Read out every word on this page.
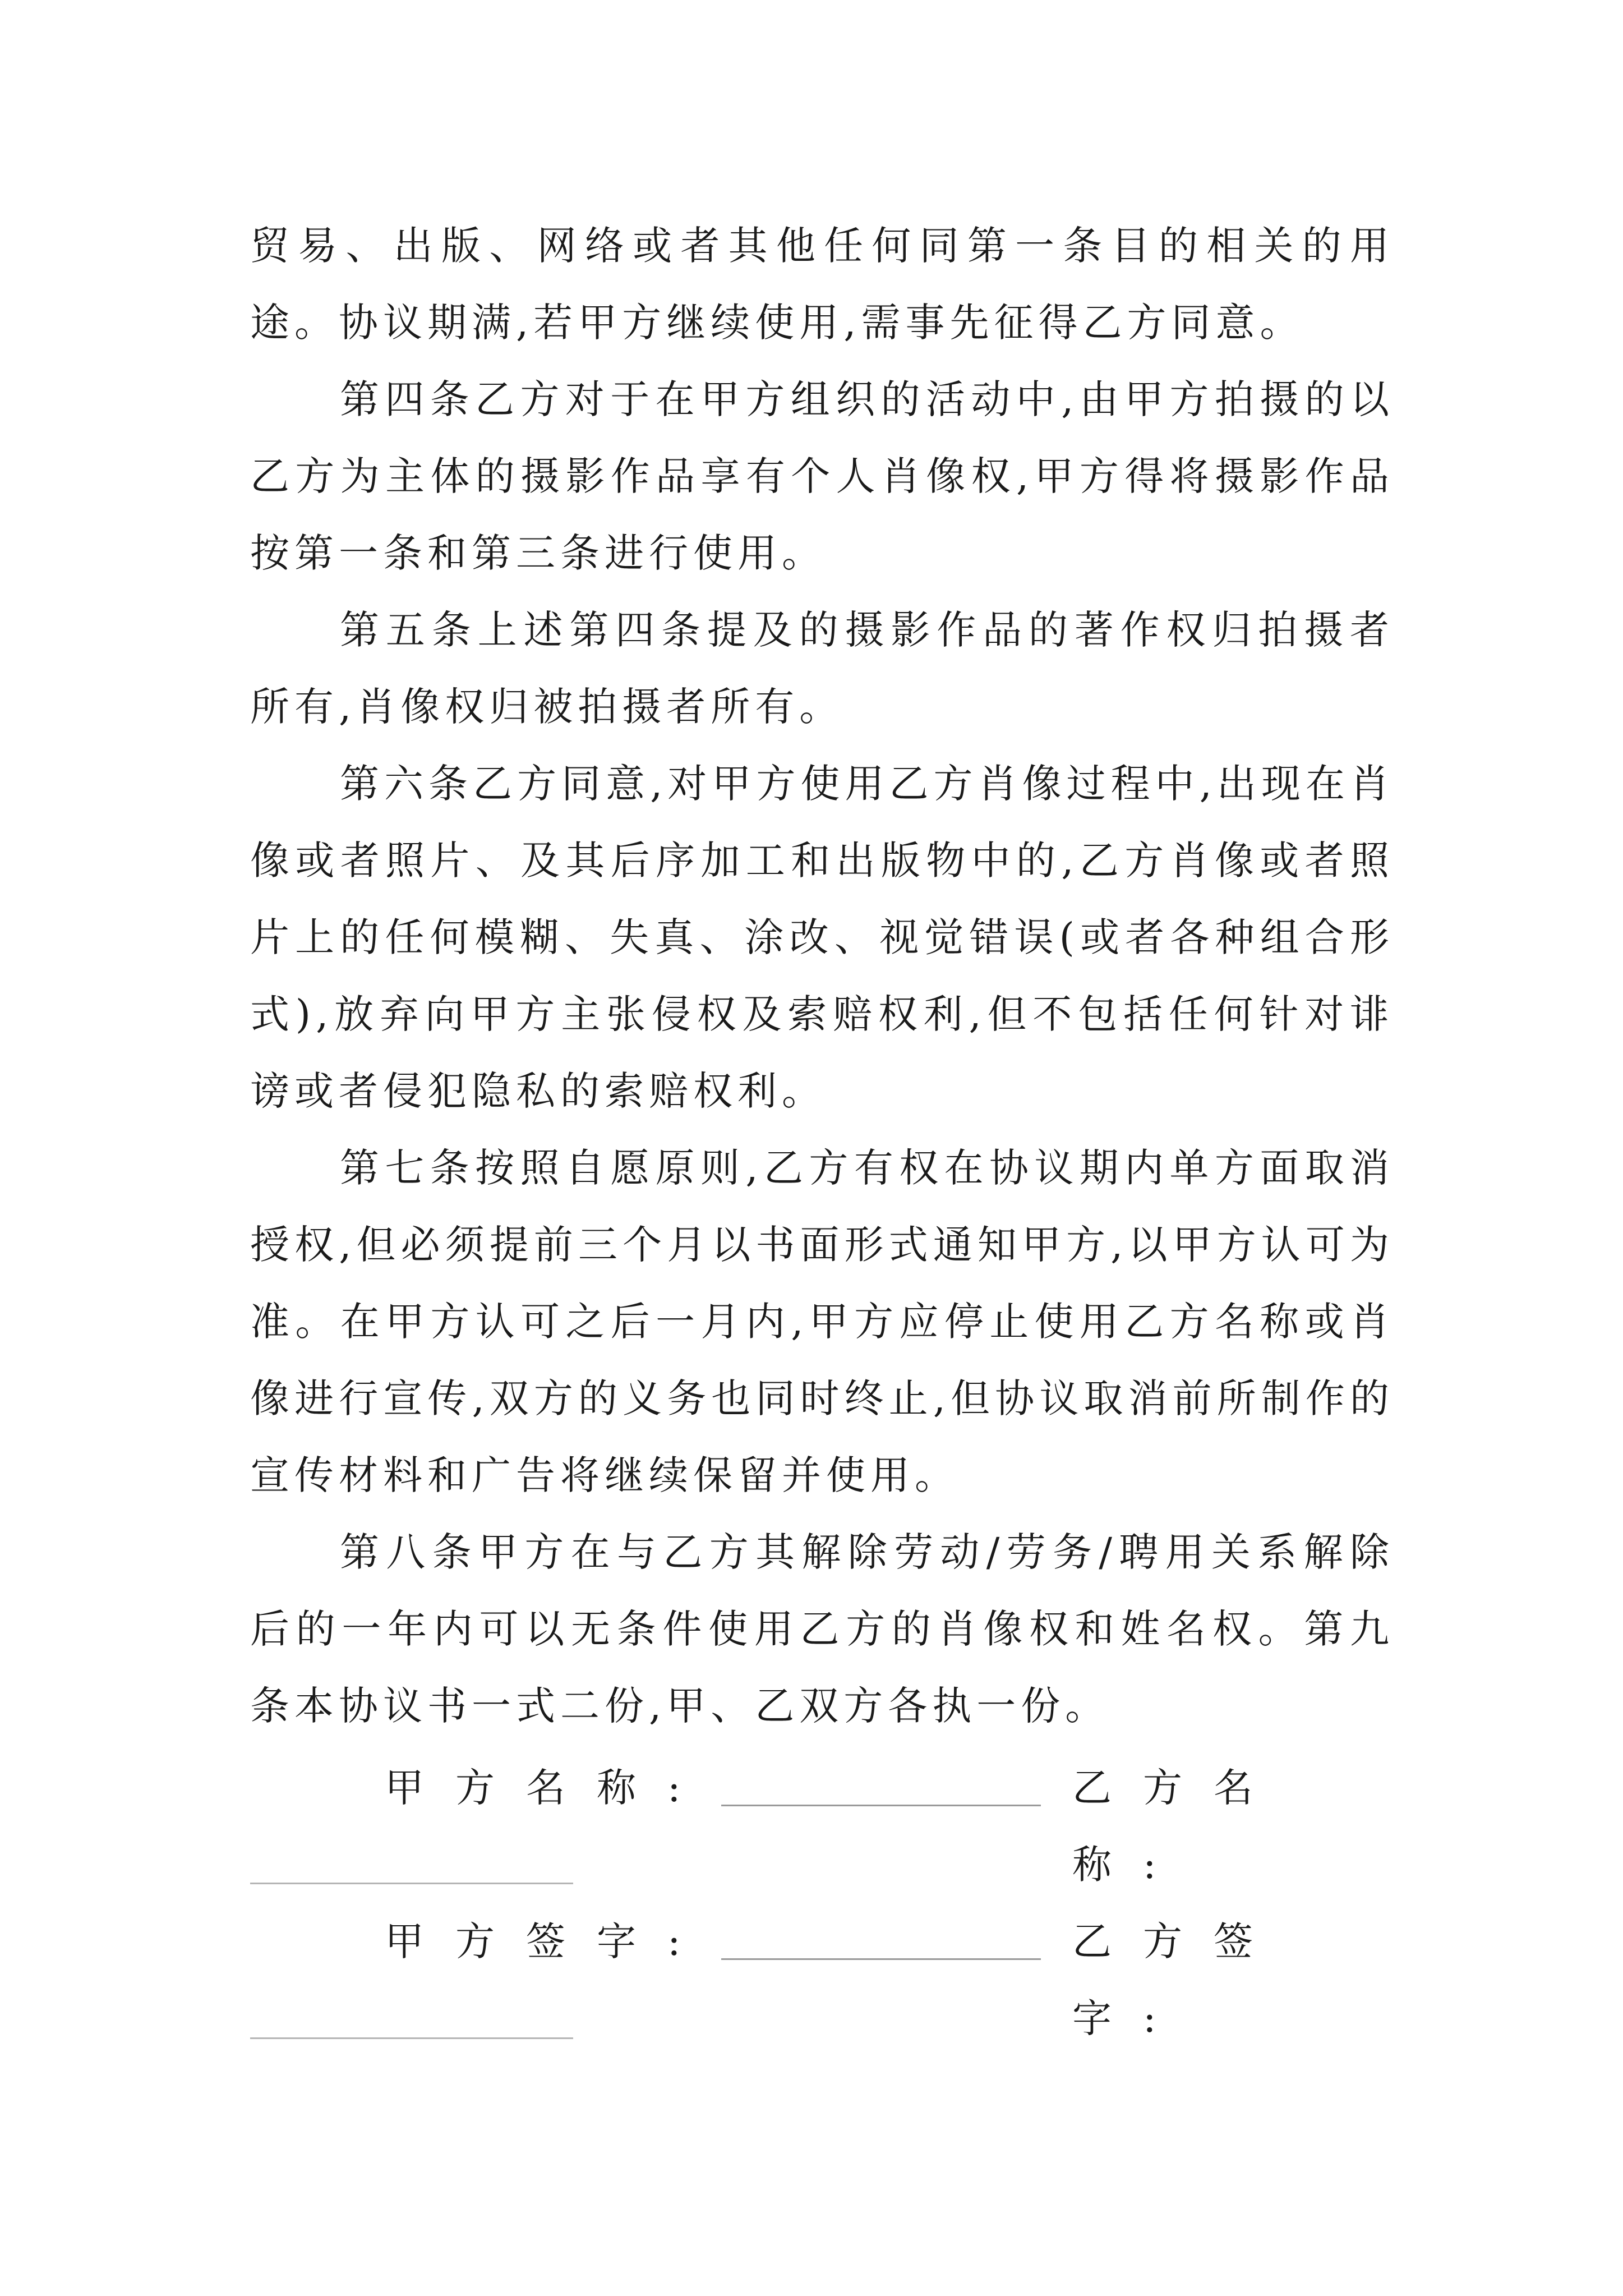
贸易、出版、网络或者其他任何同第一条目的相关的用途。协议期满,若甲方继续使用,需事先征得乙方同意。

第四条乙方对于在甲方组织的活动中,由甲方拍摄的以乙方为主体的摄影作品享有个人肖像权,甲方得将摄影作品按第一条和第三条进行使用。

第五条上述第四条提及的摄影作品的著作权归拍摄者所有,肖像权归被拍摄者所有。

第六条乙方同意,对甲方使用乙方肖像过程中,出现在肖像或者照片、及其后序加工和出版物中的,乙方肖像或者照片上的任何模糊、失真、涂改、视觉错误(或者各种组合形式),放弃向甲方主张侵权及索赔权利,但不包括任何针对诽谤或者侵犯隐私的索赔权利。

第七条按照自愿原则,乙方有权在协议期内单方面取消授权,但必须提前三个月以书面形式通知甲方,以甲方认可为准。在甲方认可之后一月内,甲方应停止使用乙方名称或肖像进行宣传,双方的义务也同时终止,但协议取消前所制作的宣传材料和广告将继续保留并使用。

第八条甲方在与乙方其解除劳动/劳务/聘用关系解除后的一年内可以无条件使用乙方的肖像权和姓名权。第九条本协议书一式二份,甲、乙双方各执一份。

甲方名称:	乙方名称:
甲方签字:	乙方签字:
